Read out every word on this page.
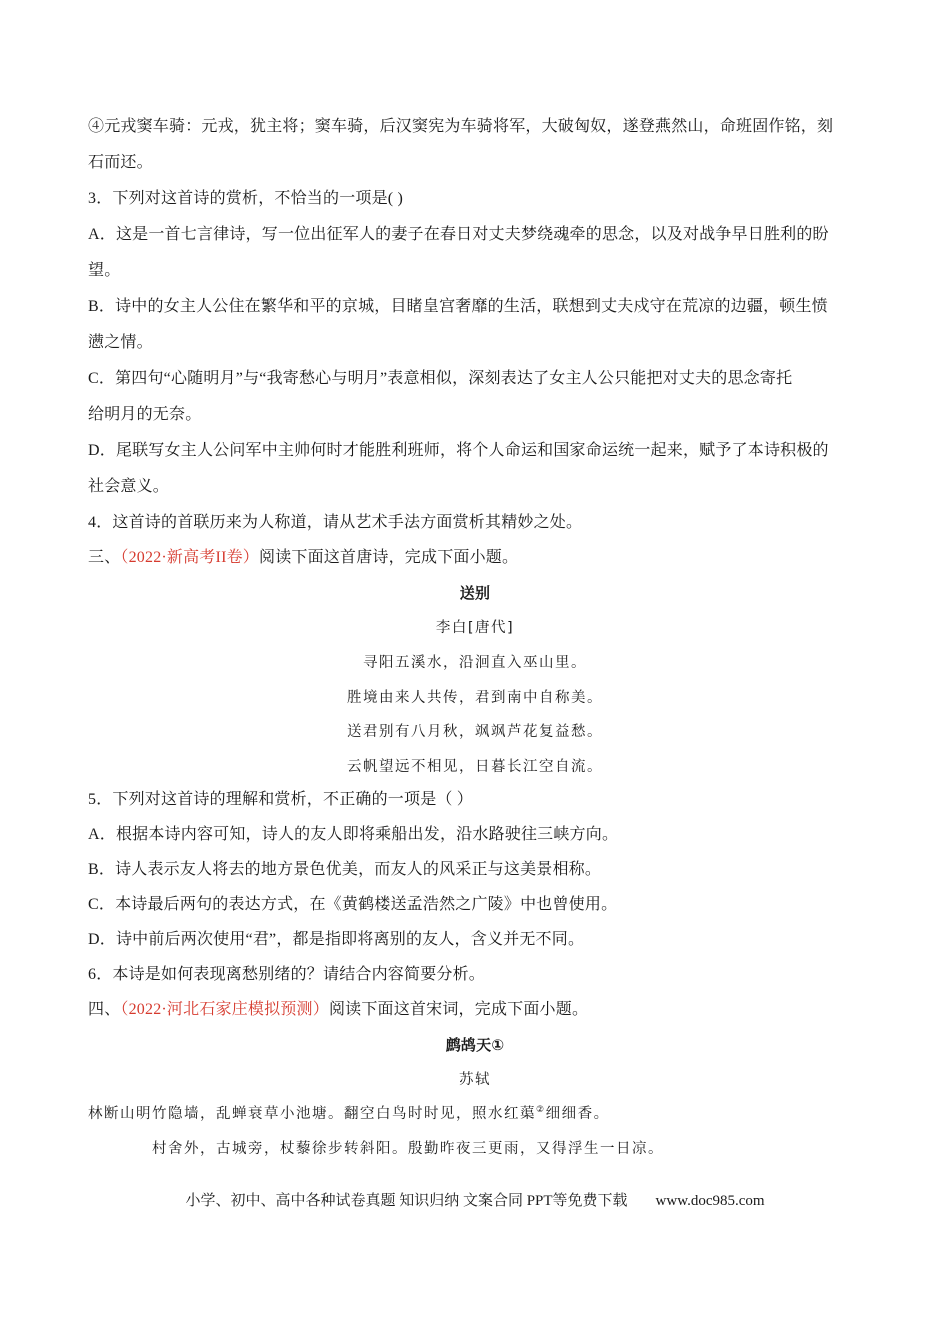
④元戎窦车骑：元戎，犹主将；窦车骑，后汉窦宪为车骑将军，大破匈奴，遂登燕然山，命班固作铭，刻
石而还。
3．下列对这首诗的赏析，不恰当的一项是( )
A．这是一首七言律诗，写一位出征军人的妻子在春日对丈夫梦绕魂牵的思念，以及对战争早日胜利的盼
望。
B．诗中的女主人公住在繁华和平的京城，目睹皇宫奢靡的生活，联想到丈夫戍守在荒凉的边疆，顿生愤
懑之情。
C．第四句“心随明月”与“我寄愁心与明月”表意相似，深刻表达了女主人公只能把对丈夫的思念寄托
给明月的无奈。
D．尾联写女主人公问军中主帅何时才能胜利班师，将个人命运和国家命运统一起来，赋予了本诗积极的
社会意义。
4．这首诗的首联历来为人称道，请从艺术手法方面赏析其精妙之处。
三、（2022·新高考II卷）阅读下面这首唐诗，完成下面小题。
送别
李白[唐代]
寻阳五溪水，沿洄直入巫山里。
胜境由来人共传，君到南中自称美。
送君别有八月秋，飒飒芦花复益愁。
云帆望远不相见，日暮长江空自流。
5．下列对这首诗的理解和赏析，不正确的一项是（ ）
A．根据本诗内容可知，诗人的友人即将乘船出发，沿水路驶往三峡方向。
B．诗人表示友人将去的地方景色优美，而友人的风采正与这美景相称。
C．本诗最后两句的表达方式，在《黄鹤楼送孟浩然之广陵》中也曾使用。
D．诗中前后两次使用“君”，都是指即将离别的友人，含义并无不同。
6．本诗是如何表现离愁别绪的？请结合内容简要分析。
四、（2022·河北石家庄模拟预测）阅读下面这首宋词，完成下面小题。
鹧鸪天①
苏轼
林断山明竹隐墙，乱蝉衰草小池塘。翻空白鸟时时见，照水红蕖②细细香。
村舍外，古城旁，杖藜徐步转斜阳。殷勤昨夜三更雨，又得浮生一日凉。
小学、初中、高中各种试卷真题 知识归纳 文案合同 PPT等免费下载 www.doc985.com
